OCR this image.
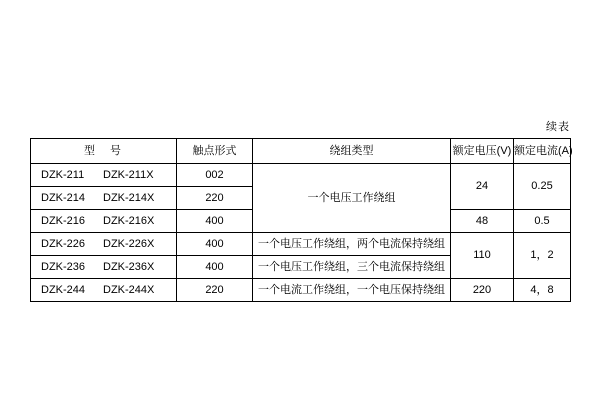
续表
型 号	触点形式	绕组类型	额定电压(V)	额定电流(A)

DZK-211 DZK-211X	002	一个电压工作绕组	24	0.25

DZK-214 DZK-214X	220			

DZK-216 DZK-216X	400		48	0.5

DZK-226 DZK-226X	400	一个电压工作绕组，两个电流保持绕组	110	1，2

DZK-236 DZK-236X	400	一个电压工作绕组，三个电流保持绕组		

DZK-244 DZK-244X	220	一个电流工作绕组，一个电压保持绕组	220	4，8
